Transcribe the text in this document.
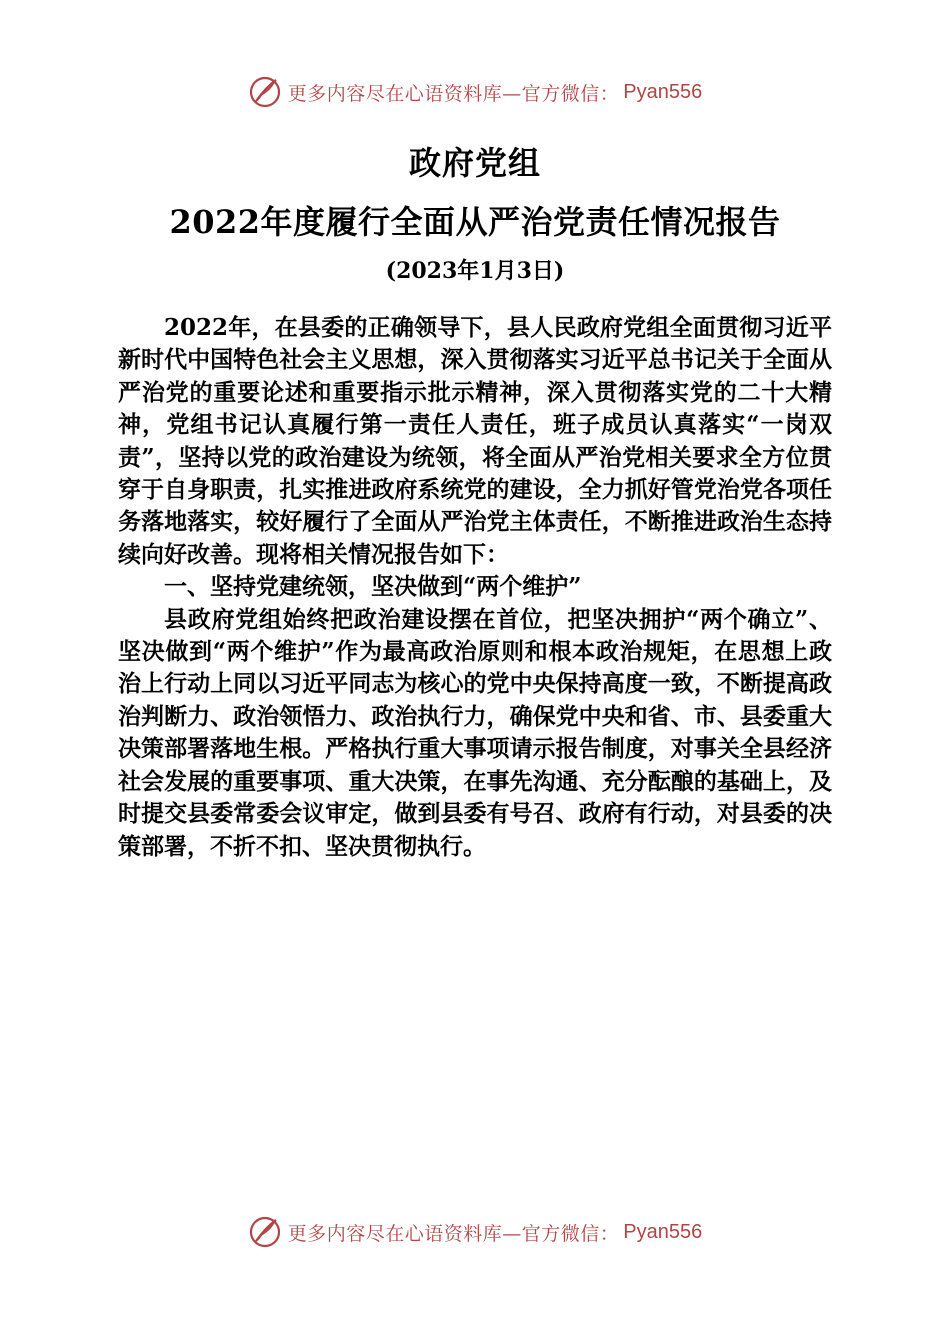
更多内容尽在心语资料库—官方微信： Pyan556
政府党组
2022年度履行全面从严治党责任情况报告
(2023年1月3日)

2022年，在县委的正确领导下，县人民政府党组全面贯彻习近平新时代中国特色社会主义思想，深入贯彻落实习近平总书记关于全面从严治党的重要论述和重要指示批示精神，深入贯彻落实党的二十大精神，党组书记认真履行第一责任人责任，班子成员认真落实“一岗双责”，坚持以党的政治建设为统领，将全面从严治党相关要求全方位贯穿于自身职责，扎实推进政府系统党的建设，全力抓好管党治党各项任务落地落实，较好履行了全面从严治党主体责任，不断推进政治生态持续向好改善。现将相关情况报告如下：

一、坚持党建统领，坚决做到“两个维护”

县政府党组始终把政治建设摆在首位，把坚决拥护“两个确立”、坚决做到“两个维护”作为最高政治原则和根本政治规矩，在思想上政治上行动上同以习近平同志为核心的党中央保持高度一致，不断提高政治判断力、政治领悟力、政治执行力，确保党中央和省、市、县委重大决策部署落地生根。严格执行重大事项请示报告制度，对事关全县经济社会发展的重要事项、重大决策，在事先沟通、充分酝酿的基础上，及时提交县委常委会议审定，做到县委有号召、政府有行动，对县委的决策部署，不折不扣、坚决贯彻执行。

更多内容尽在心语资料库—官方微信： Pyan556
